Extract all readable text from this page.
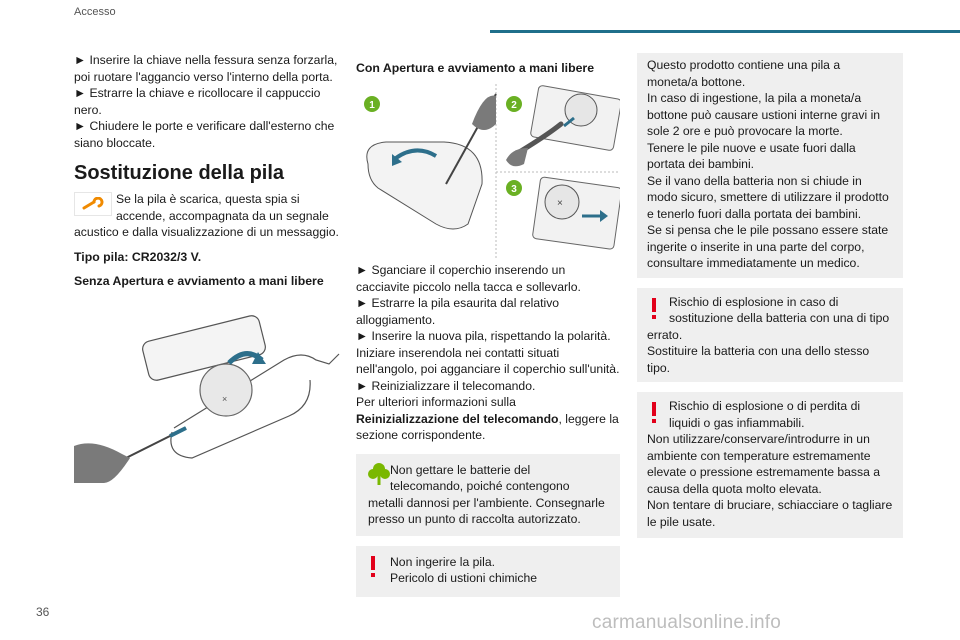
Accesso

► Inserire la chiave nella fessura senza forzarla, poi ruotare l'aggancio verso l'interno della porta.

► Estrarre la chiave e ricollocare il cappuccio nero.

► Chiudere le porte e verificare dall'esterno che siano bloccate.

Sostituzione della pila

Se la pila è scarica, questa spia si

accende, accompagnata da un segnale

acustico e dalla visualizzazione di un messaggio.

Tipo pila: CR2032/3 V.

Senza Apertura e avviamento a mani libere

×

Con Apertura e avviamento a mani libere

1	2
3
×

► Sganciare il coperchio inserendo un cacciavite piccolo nella tacca e sollevarlo.

► Estrarre la pila esaurita dal relativo alloggiamento.

► Inserire la nuova pila, rispettando la polarità. Iniziare inserendola nei contatti situati nell'angolo, poi agganciare il coperchio sull'unità.

► Reinizializzare il telecomando.

Per ulteriori informazioni sulla
Reinizializzazione del telecomando, leggere la sezione corrispondente.

Non gettare le batterie del
telecomando, poiché contengono
metalli dannosi per l'ambiente. Consegnarle presso un punto di raccolta autorizzato.
Non ingerire la pila.
Pericolo di ustioni chimiche

Questo prodotto contiene una pila a moneta/a bottone.

In caso di ingestione, la pila a moneta/a bottone può causare ustioni interne gravi in sole 2 ore e può provocare la morte.

Tenere le pile nuove e usate fuori dalla portata dei bambini.

Se il vano della batteria non si chiude in modo sicuro, smettere di utilizzare il prodotto e tenerlo fuori dalla portata dei bambini.

Se si pensa che le pile possano essere state ingerite o inserite in una parte del corpo, consultare immediatamente un medico.

Rischio di esplosione in caso di
sostituzione della batteria con una di tipo
errato.
Sostituire la batteria con una dello stesso tipo.
Rischio di esplosione o di perdita di
liquidi o gas infiammabili.
Non utilizzare/conservare/introdurre in un ambiente con temperature estremamente elevate o pressione estremamente bassa a causa della quota molto elevata.
Non tentare di bruciare, schiacciare o tagliare le pile usate.
36	carmanualsonline.info
